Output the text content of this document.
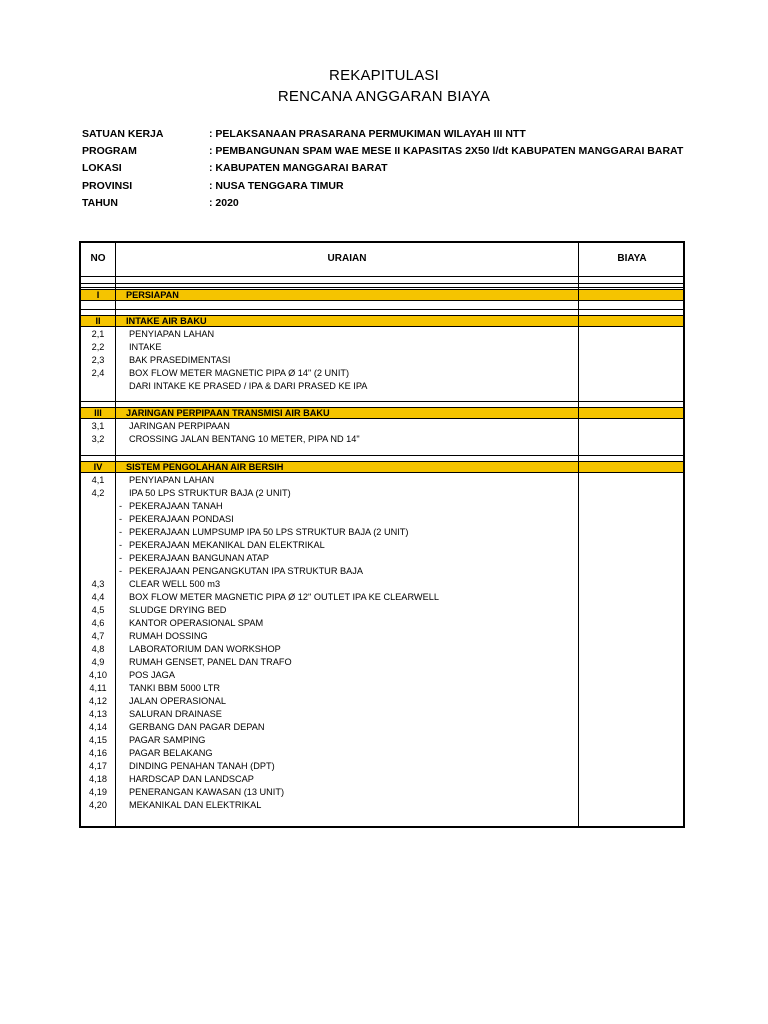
REKAPITULASI
RENCANA ANGGARAN BIAYA
SATUAN KERJA	: PELAKSANAAN PRASARANA PERMUKIMAN WILAYAH III NTT
PROGRAM	: PEMBANGUNAN SPAM WAE MESE II KAPASITAS 2X50 l/dt KABUPATEN MANGGARAI BARAT
LOKASI	: KABUPATEN MANGGARAI BARAT
PROVINSI	: NUSA TENGGARA TIMUR
TAHUN	: 2020
NO	URAIAN	BIAYA
I	PERSIAPAN
II	INTAKE AIR BAKU
2,1	PENYIAPAN LAHAN
2,2	INTAKE
2,3	BAK PRASEDIMENTASI
2,4	BOX FLOW METER MAGNETIC PIPA Ø 14" (2 UNIT)
DARI INTAKE KE PRASED / IPA & DARI PRASED KE IPA
III	JARINGAN PERPIPAAN TRANSMISI AIR BAKU
3,1	JARINGAN PERPIPAAN
3,2	CROSSING JALAN BENTANG 10 METER, PIPA ND 14"
IV	SISTEM PENGOLAHAN AIR BERSIH
4,1	PENYIAPAN LAHAN
4,2	IPA 50 LPS STRUKTUR BAJA (2 UNIT)
- PEKERAJAAN TANAH
- PEKERAJAAN PONDASI
- PEKERAJAAN LUMPSUMP IPA 50 LPS STRUKTUR BAJA (2 UNIT)
- PEKERAJAAN MEKANIKAL DAN ELEKTRIKAL
- PEKERAJAAN BANGUNAN ATAP
- PEKERAJAAN PENGANGKUTAN IPA STRUKTUR BAJA
4,3	CLEAR WELL 500 m3
4,4	BOX FLOW METER MAGNETIC PIPA Ø 12" OUTLET IPA KE CLEARWELL
4,5	SLUDGE DRYING BED
4,6	KANTOR OPERASIONAL SPAM
4,7	RUMAH DOSSING
4,8	LABORATORIUM DAN WORKSHOP
4,9	RUMAH GENSET, PANEL DAN TRAFO
4,10	POS JAGA
4,11	TANKI BBM 5000 LTR
4,12	JALAN OPERASIONAL
4,13	SALURAN DRAINASE
4,14	GERBANG DAN PAGAR DEPAN
4,15	PAGAR SAMPING
4,16	PAGAR BELAKANG
4,17	DINDING PENAHAN TANAH (DPT)
4,18	HARDSCAP DAN LANDSCAP
4,19	PENERANGAN KAWASAN (13 UNIT)
4,20	MEKANIKAL DAN ELEKTRIKAL
